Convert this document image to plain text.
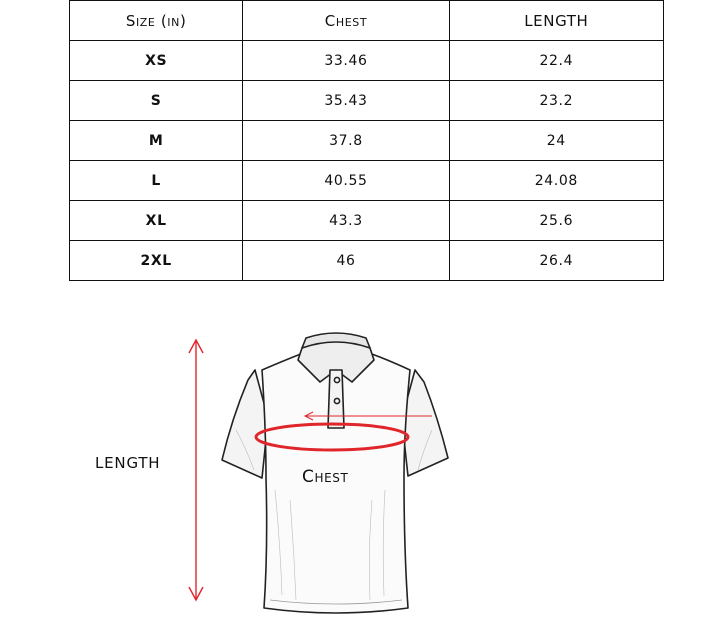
Size (in)	Chest	LENGTH
XS	33.46	22.4
S	35.43	23.2
M	37.8	24
L	40.55	24.08
XL	43.3	25.6
2XL	46	26.4
LENGTH
Chest
